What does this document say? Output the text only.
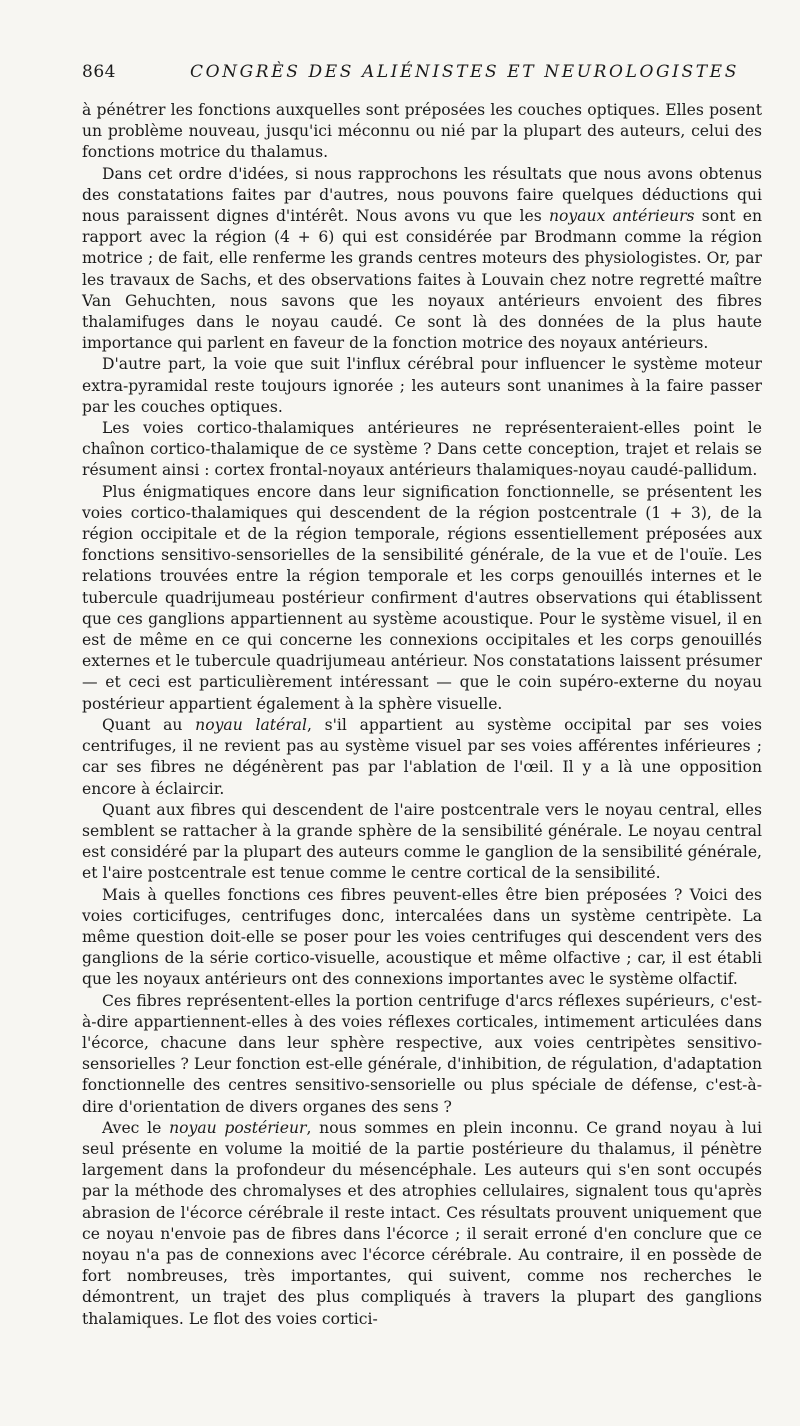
864	CONGRÈS DES ALIÉNISTES ET NEUROLOGISTES

à pénétrer les fonctions auxquelles sont préposées les couches optiques. Elles posent un problème nouveau, jusqu'ici méconnu ou nié par la plupart des auteurs, celui des fonctions motrice du thalamus.

Dans cet ordre d'idées, si nous rapprochons les résultats que nous avons obtenus des constatations faites par d'autres, nous pouvons faire quelques déductions qui nous paraissent dignes d'intérêt. Nous avons vu que les noyaux antérieurs sont en rapport avec la région (4 + 6) qui est considérée par Brodmann comme la région motrice ; de fait, elle renferme les grands centres moteurs des physiologistes. Or, par les travaux de Sachs, et des observations faites à Louvain chez notre regretté maître Van Gehuchten, nous savons que les noyaux antérieurs envoient des fibres thalamifuges dans le noyau caudé. Ce sont là des données de la plus haute importance qui parlent en faveur de la fonction motrice des noyaux antérieurs.

D'autre part, la voie que suit l'influx cérébral pour influencer le système moteur extra-pyramidal reste toujours ignorée ; les auteurs sont unanimes à la faire passer par les couches optiques.

Les voies cortico-thalamiques antérieures ne représenteraient-elles point le chaînon cortico-thalamique de ce système ? Dans cette conception, trajet et relais se résument ainsi : cortex frontal-noyaux antérieurs thalamiques-noyau caudé-pallidum.

Plus énigmatiques encore dans leur signification fonctionnelle, se présentent les voies cortico-thalamiques qui descendent de la région postcentrale (1 + 3), de la région occipitale et de la région temporale, régions essentiellement préposées aux fonctions sensitivo-sensorielles de la sensibilité générale, de la vue et de l'ouïe. Les relations trouvées entre la région temporale et les corps genouillés internes et le tubercule quadrijumeau postérieur confirment d'autres observations qui établissent que ces ganglions appartiennent au système acoustique. Pour le système visuel, il en est de même en ce qui concerne les connexions occipitales et les corps genouillés externes et le tubercule quadrijumeau antérieur. Nos constatations laissent présumer — et ceci est particulièrement intéressant — que le coin supéro-externe du noyau postérieur appartient également à la sphère visuelle.

Quant au noyau latéral, s'il appartient au système occipital par ses voies centrifuges, il ne revient pas au système visuel par ses voies afférentes inférieures ; car ses fibres ne dégénèrent pas par l'ablation de l'œil. Il y a là une opposition encore à éclaircir.

Quant aux fibres qui descendent de l'aire postcentrale vers le noyau central, elles semblent se rattacher à la grande sphère de la sensibilité générale. Le noyau central est considéré par la plupart des auteurs comme le ganglion de la sensibilité générale, et l'aire postcentrale est tenue comme le centre cortical de la sensibilité.

Mais à quelles fonctions ces fibres peuvent-elles être bien préposées ? Voici des voies corticifuges, centrifuges donc, intercalées dans un système centripète. La même question doit-elle se poser pour les voies centrifuges qui descendent vers des ganglions de la série cortico-visuelle, acoustique et même olfactive ; car, il est établi que les noyaux antérieurs ont des connexions importantes avec le système olfactif.

Ces fibres représentent-elles la portion centrifuge d'arcs réflexes supérieurs, c'est-à-dire appartiennent-elles à des voies réflexes corticales, intimement articulées dans l'écorce, chacune dans leur sphère respective, aux voies centripètes sensitivo-sensorielles ? Leur fonction est-elle générale, d'inhibition, de régulation, d'adaptation fonctionnelle des centres sensitivo-sensorielle ou plus spéciale de défense, c'est-à-dire d'orientation de divers organes des sens ?

Avec le noyau postérieur, nous sommes en plein inconnu. Ce grand noyau à lui seul présente en volume la moitié de la partie postérieure du thalamus, il pénètre largement dans la profondeur du mésencéphale. Les auteurs qui s'en sont occupés par la méthode des chromalyses et des atrophies cellulaires, signalent tous qu'après abrasion de l'écorce cérébrale il reste intact. Ces résultats prouvent uniquement que ce noyau n'envoie pas de fibres dans l'écorce ; il serait erroné d'en conclure que ce noyau n'a pas de connexions avec l'écorce cérébrale. Au contraire, il en possède de fort nombreuses, très importantes, qui suivent, comme nos recherches le démontrent, un trajet des plus compliqués à travers la plupart des ganglions thalamiques. Le flot des voies cortici-
